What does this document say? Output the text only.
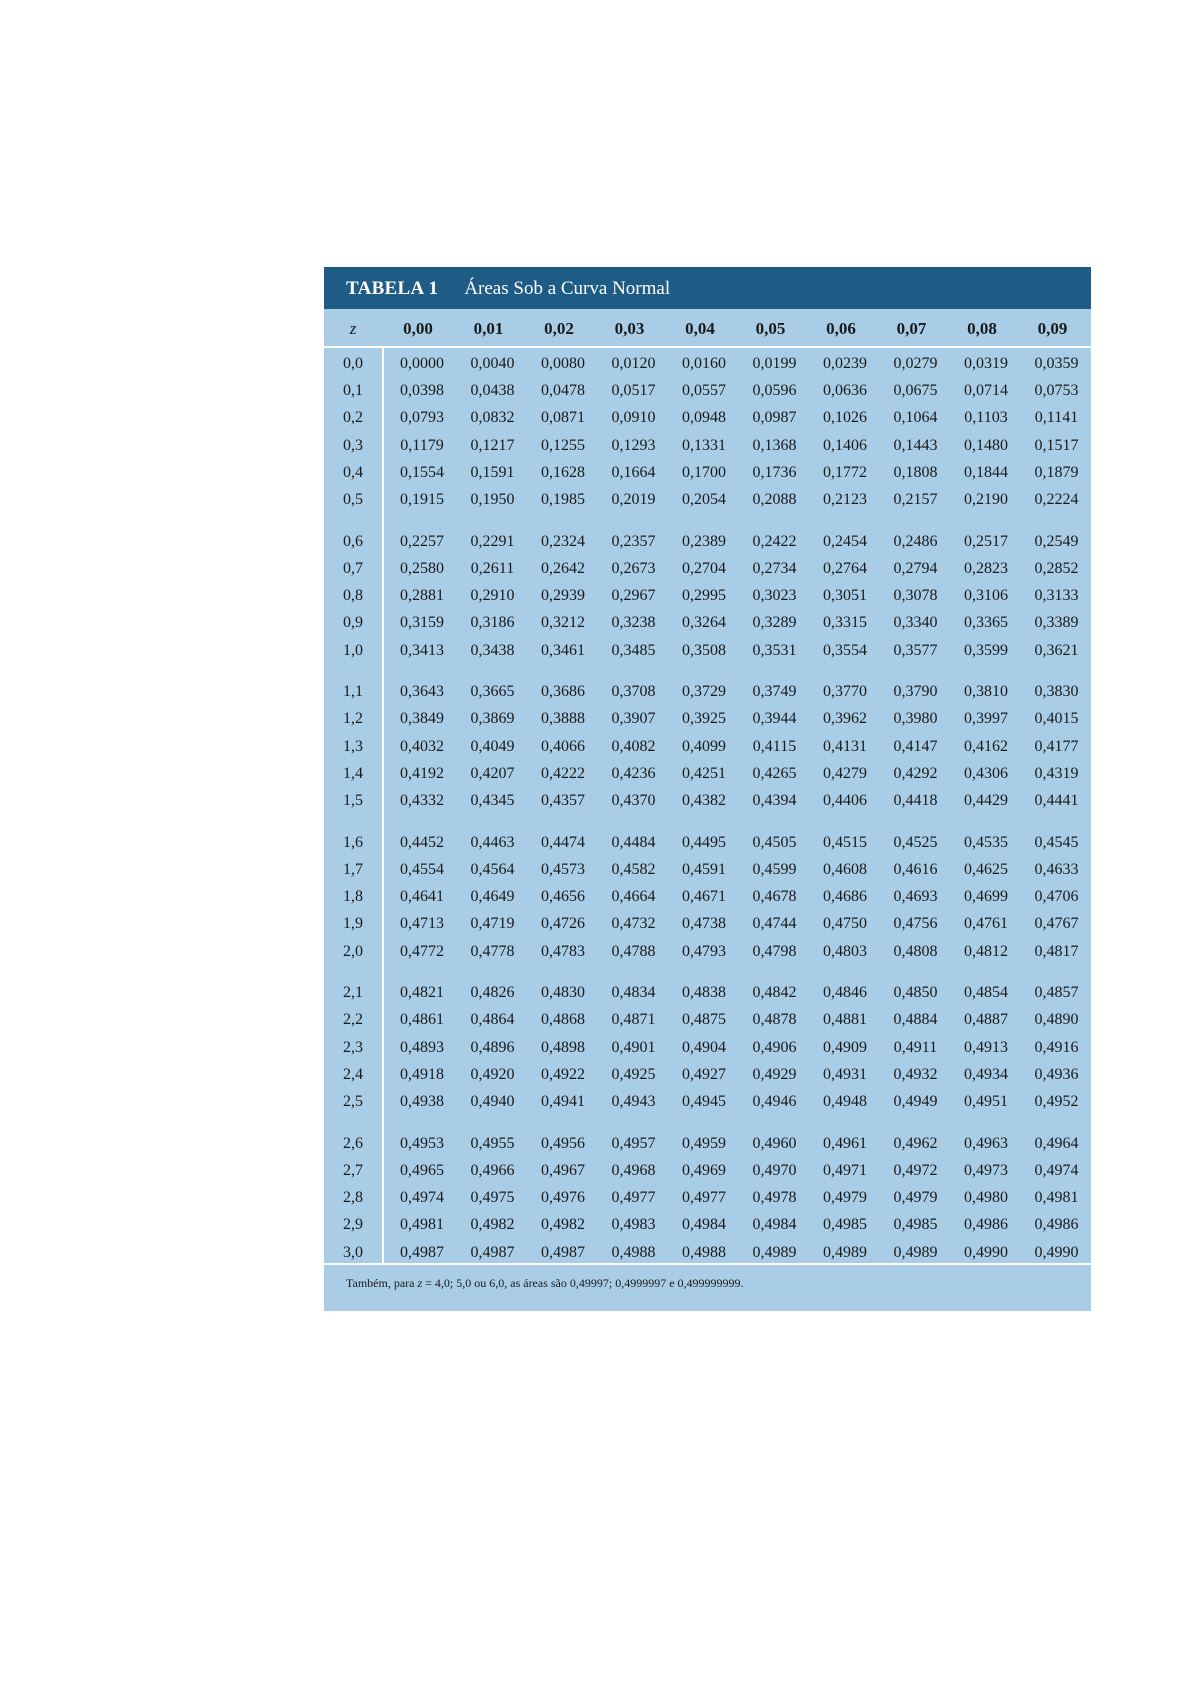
TABELA 1 Áreas Sob a Curva Normal
z	0,00	0,01	0,02	0,03	0,04	0,05	0,06	0,07	0,08	0,09
0,0	0,0000	0,0040	0,0080	0,0120	0,0160	0,0199	0,0239	0,0279	0,0319	0,0359
0,1	0,0398	0,0438	0,0478	0,0517	0,0557	0,0596	0,0636	0,0675	0,0714	0,0753
0,2	0,0793	0,0832	0,0871	0,0910	0,0948	0,0987	0,1026	0,1064	0,1103	0,1141
0,3	0,1179	0,1217	0,1255	0,1293	0,1331	0,1368	0,1406	0,1443	0,1480	0,1517
0,4	0,1554	0,1591	0,1628	0,1664	0,1700	0,1736	0,1772	0,1808	0,1844	0,1879
0,5	0,1915	0,1950	0,1985	0,2019	0,2054	0,2088	0,2123	0,2157	0,2190	0,2224
0,6	0,2257	0,2291	0,2324	0,2357	0,2389	0,2422	0,2454	0,2486	0,2517	0,2549
0,7	0,2580	0,2611	0,2642	0,2673	0,2704	0,2734	0,2764	0,2794	0,2823	0,2852
0,8	0,2881	0,2910	0,2939	0,2967	0,2995	0,3023	0,3051	0,3078	0,3106	0,3133
0,9	0,3159	0,3186	0,3212	0,3238	0,3264	0,3289	0,3315	0,3340	0,3365	0,3389
1,0	0,3413	0,3438	0,3461	0,3485	0,3508	0,3531	0,3554	0,3577	0,3599	0,3621
1,1	0,3643	0,3665	0,3686	0,3708	0,3729	0,3749	0,3770	0,3790	0,3810	0,3830
1,2	0,3849	0,3869	0,3888	0,3907	0,3925	0,3944	0,3962	0,3980	0,3997	0,4015
1,3	0,4032	0,4049	0,4066	0,4082	0,4099	0,4115	0,4131	0,4147	0,4162	0,4177
1,4	0,4192	0,4207	0,4222	0,4236	0,4251	0,4265	0,4279	0,4292	0,4306	0,4319
1,5	0,4332	0,4345	0,4357	0,4370	0,4382	0,4394	0,4406	0,4418	0,4429	0,4441
1,6	0,4452	0,4463	0,4474	0,4484	0,4495	0,4505	0,4515	0,4525	0,4535	0,4545
1,7	0,4554	0,4564	0,4573	0,4582	0,4591	0,4599	0,4608	0,4616	0,4625	0,4633
1,8	0,4641	0,4649	0,4656	0,4664	0,4671	0,4678	0,4686	0,4693	0,4699	0,4706
1,9	0,4713	0,4719	0,4726	0,4732	0,4738	0,4744	0,4750	0,4756	0,4761	0,4767
2,0	0,4772	0,4778	0,4783	0,4788	0,4793	0,4798	0,4803	0,4808	0,4812	0,4817
2,1	0,4821	0,4826	0,4830	0,4834	0,4838	0,4842	0,4846	0,4850	0,4854	0,4857
2,2	0,4861	0,4864	0,4868	0,4871	0,4875	0,4878	0,4881	0,4884	0,4887	0,4890
2,3	0,4893	0,4896	0,4898	0,4901	0,4904	0,4906	0,4909	0,4911	0,4913	0,4916
2,4	0,4918	0,4920	0,4922	0,4925	0,4927	0,4929	0,4931	0,4932	0,4934	0,4936
2,5	0,4938	0,4940	0,4941	0,4943	0,4945	0,4946	0,4948	0,4949	0,4951	0,4952
2,6	0,4953	0,4955	0,4956	0,4957	0,4959	0,4960	0,4961	0,4962	0,4963	0,4964
2,7	0,4965	0,4966	0,4967	0,4968	0,4969	0,4970	0,4971	0,4972	0,4973	0,4974
2,8	0,4974	0,4975	0,4976	0,4977	0,4977	0,4978	0,4979	0,4979	0,4980	0,4981
2,9	0,4981	0,4982	0,4982	0,4983	0,4984	0,4984	0,4985	0,4985	0,4986	0,4986
3,0	0,4987	0,4987	0,4987	0,4988	0,4988	0,4989	0,4989	0,4989	0,4990	0,4990
Também, para z = 4,0; 5,0 ou 6,0, as áreas são 0,49997; 0,4999997 e 0,499999999.
